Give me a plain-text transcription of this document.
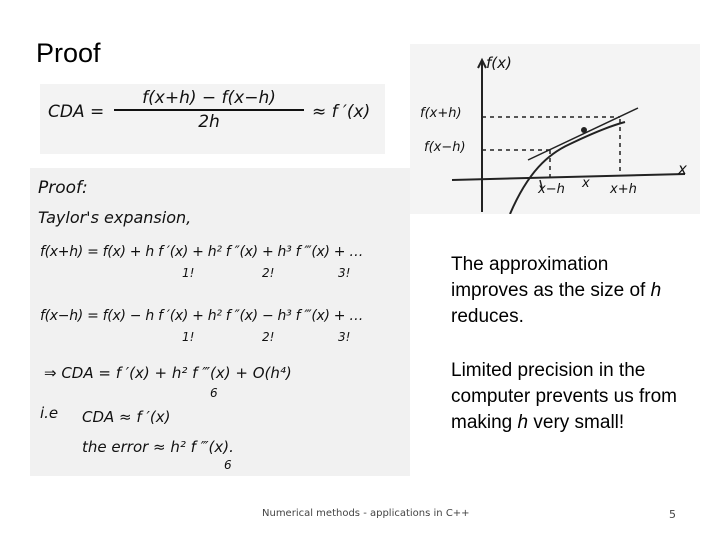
Proof
CDA =
f(x+h) − f(x−h)
2h	≈ f ′(x)
f(x)
x
f(x+h)
f(x−h)
x−h x x+h
Proof:
Taylor's expansion,
f(x+h) = f(x) + h f ′(x) + h² f ″(x) + h³ f ‴(x) + …
1!	2!	3!
f(x−h) = f(x) − h f ′(x) + h² f ″(x) − h³ f ‴(x) + …
1!	2!	3!
⇒ CDA = f ′(x) + h² f ‴(x) + O(h⁴)
6
i.e CDA ≈ f ′(x)
the error ≈ h² f ‴(x).
6
The approximation improves as the size of h reduces.
Limited precision in the computer prevents us from making h very small!
Numerical methods - applications in C++	5
